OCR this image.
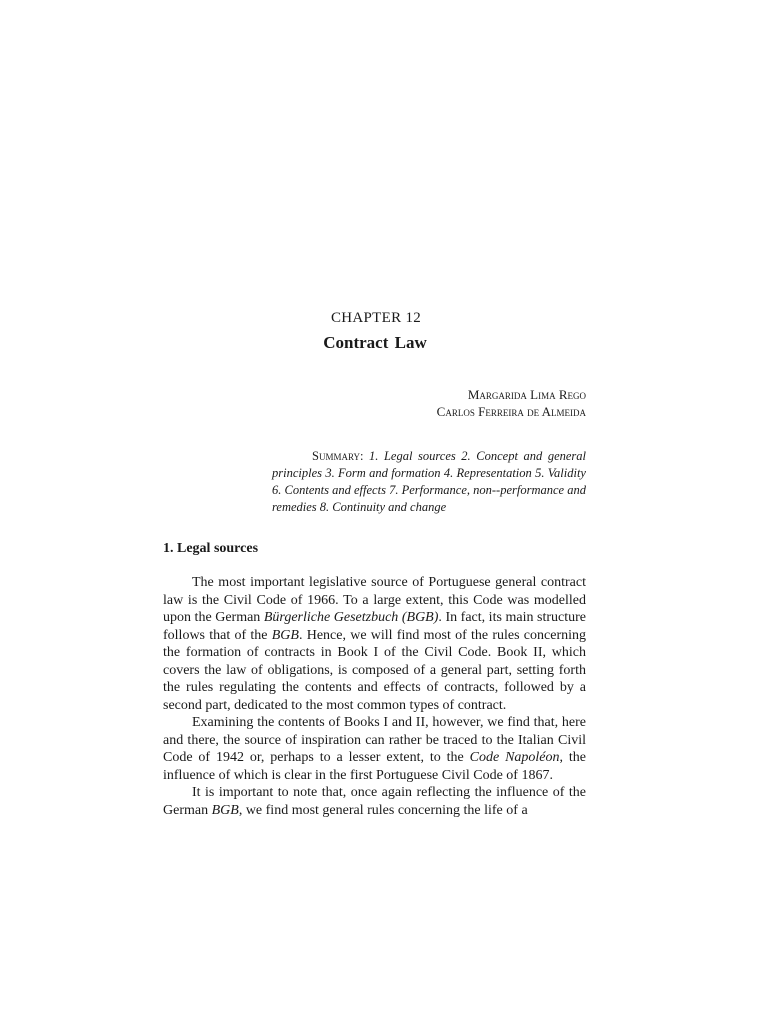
CHAPTER 12
Contract Law
Margarida Lima Rego
Carlos Ferreira de Almeida
Summary: 1. Legal sources 2. Concept and general principles 3. Form and formation 4. Representation 5. Validity 6. Contents and effects 7. Performance, non--performance and remedies 8. Continuity and change
1. Legal sources

The most important legislative source of Portuguese general contract law is the Civil Code of 1966. To a large extent, this Code was modelled upon the German Bürgerliche Gesetzbuch (BGB). In fact, its main structure follows that of the BGB. Hence, we will find most of the rules concerning the formation of contracts in Book I of the Civil Code. Book II, which covers the law of obligations, is composed of a general part, setting forth the rules regulating the contents and effects of contracts, followed by a second part, dedicated to the most common types of contract.

Examining the contents of Books I and II, however, we find that, here and there, the source of inspiration can rather be traced to the Italian Civil Code of 1942 or, perhaps to a lesser extent, to the Code Napoléon, the influence of which is clear in the first Portuguese Civil Code of 1867.

It is important to note that, once again reflecting the influence of the German BGB, we find most general rules concerning the life of a
